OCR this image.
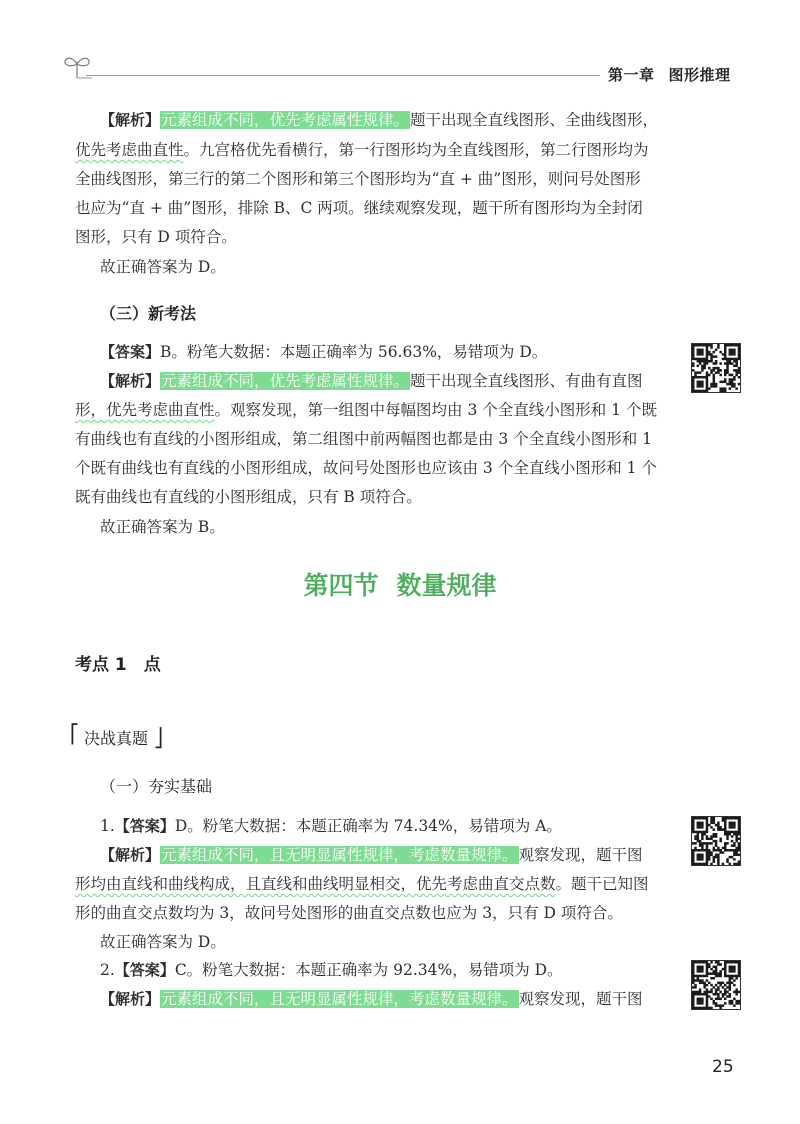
第一章 图形推理
【解析】元素组成不同，优先考虑属性规律。题干出现全直线图形、全曲线图形，
优先考虑曲直性。九宫格优先看横行，第一行图形均为全直线图形，第二行图形均为
全曲线图形，第三行的第二个图形和第三个图形均为“直 + 曲”图形，则问号处图形
也应为“直 + 曲”图形，排除 B、C 两项。继续观察发现，题干所有图形均为全封闭
图形，只有 D 项符合。
故正确答案为 D。
（三）新考法
【答案】B。粉笔大数据：本题正确率为 56.63%，易错项为 D。
【解析】元素组成不同，优先考虑属性规律。题干出现全直线图形、有曲有直图
形，优先考虑曲直性。观察发现，第一组图中每幅图均由 3 个全直线小图形和 1 个既
有曲线也有直线的小图形组成，第二组图中前两幅图也都是由 3 个全直线小图形和 1
个既有曲线也有直线的小图形组成，故问号处图形也应该由 3 个全直线小图形和 1 个
既有曲线也有直线的小图形组成，只有 B 项符合。
故正确答案为 B。
第四节 数量规律
考点 1　点
⎡ 决战真题 ⎦
（一）夯实基础
1.【答案】D。粉笔大数据：本题正确率为 74.34%，易错项为 A。
【解析】元素组成不同，且无明显属性规律，考虑数量规律。观察发现，题干图
形均由直线和曲线构成，且直线和曲线明显相交，优先考虑曲直交点数。题干已知图
形的曲直交点数均为 3，故问号处图形的曲直交点数也应为 3，只有 D 项符合。
故正确答案为 D。
2.【答案】C。粉笔大数据：本题正确率为 92.34%，易错项为 D。
【解析】元素组成不同，且无明显属性规律，考虑数量规律。观察发现，题干图
25
